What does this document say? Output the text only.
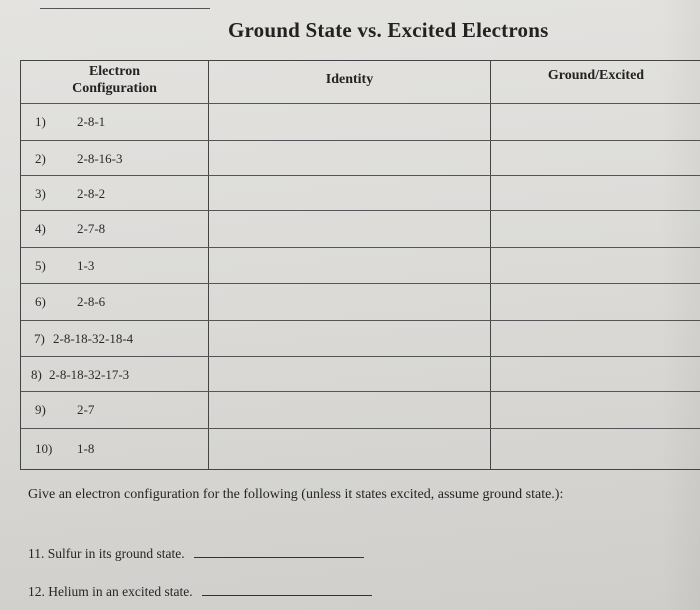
Ground State vs. Excited Electrons
Electron
Configuration
Identity	Ground/Excited
1) 2-8-1
2) 2-8-16-3
3) 2-8-2
4) 2-7-8
5) 1-3
6) 2-8-6
7) 2-8-18-32-18-4
8) 2-8-18-32-17-3
9) 2-7
10) 1-8
Give an electron configuration for the following (unless it states excited, assume ground state.):
11. Sulfur in its ground state.
12. Helium in an excited state.
